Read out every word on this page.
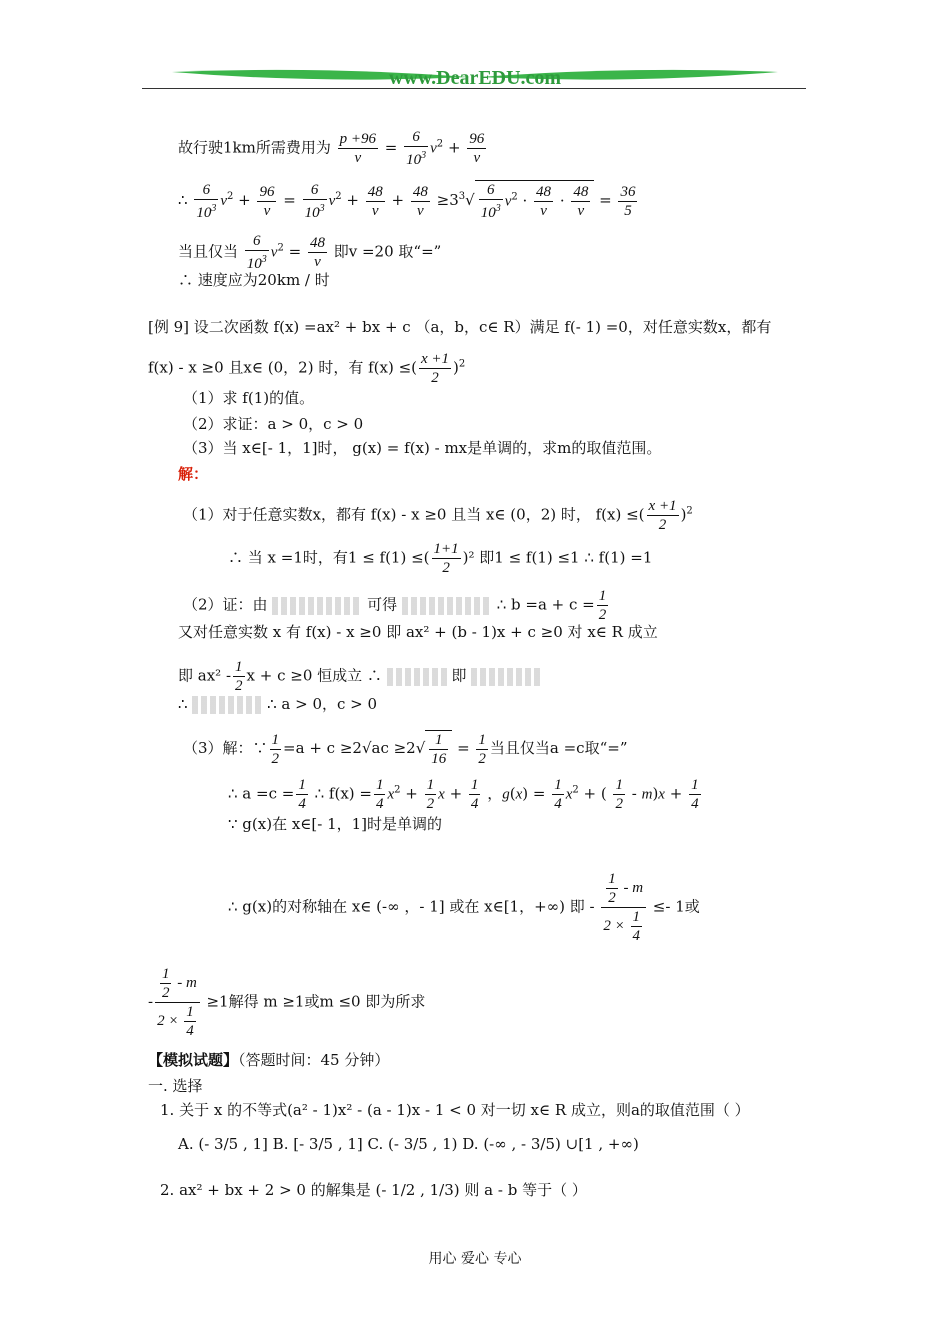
www.DearEDU.com
故行驶1km所需费用为 $\frac{p +96}{v} = \frac{6}{10^3} v^2 + \frac{96}{v}$
∴ $\frac{6}{10^3} v^2 + \frac{96}{v} = \frac{6}{10^3} v^2 + \frac{48}{v} + \frac{48}{v} \ge 3^3√ \frac{6}{10^3} v^2 \cdot \frac{48}{v} \cdot \frac{48}{v} = \frac{36}{5}$
当且仅当 $\frac{6}{10^3} v^2 = \frac{48}{v}$ 即v =20 取“=”
∴ 速度应为20km / 时
[例 9] 设二次函数 f(x) =ax² + bx + c （a，b，c∈ R）满足 f(- 1) =0，对任意实数x，都有
f(x) - x ≥0 且x∈ (0，2) 时，有 f(x) ≤( $\frac{x +1}{2} )^2$
（1）求 f(1)的值。
（2）求证：a > 0，c > 0
（3）当 x∈[- 1，1]时， g(x) = f(x) - mx是单调的，求m的取值范围。
解：
（1）对于任意实数x，都有 f(x) - x ≥0 且当 x∈ (0，2) 时， f(x) ≤( $\frac{x +1}{2} )^2$
∴ 当 x =1时，有1 ≤ f(1) ≤( $\frac{1+1}{2} )^2$ 即1 ≤ f(1) ≤1 ∴ f(1) =1
（2）证：由	可得	∴ $b =a + c = \frac{1}{2}$
又对任意实数 x 有 f(x) - x ≥0 即 ax² + (b - 1)x + c ≥0 对 x∈ R 成立
即 $ax^2 - \frac{1}{2}$ x + c ≥0 恒成立 ∴	即
∴	∴ a > 0，c > 0
（3）解：∵ $\frac{1}{2} =a + c \ge 2√ac \ge 2√ \frac{1}{16} = \frac{1}{2}$ 当且仅当a =c取“=”
∴ $a =c = \frac{1}{4}$ ∴ $f(x) = \frac{1}{4} x^2 + \frac{1}{2}$ $x + \frac{1}{4}$ ，$g(x) = \frac{1}{4} x^2$ + ( $\frac{1}{2} - m)x + \frac{1}{4}$
∵ g(x)在 x∈[- 1，1]时是单调的
∴ g(x)的对称轴在 x∈ (-∞ ，- 1] 或在 x∈[1，+∞) 即 - $\frac{\frac{1}{2} - m}{2 \times \frac{1}{4}} \le- 1$或
- $\frac{\frac{1}{2} - m}{2 \times \frac{1}{4}} \ge 1$解得 m ≥1或m ≤0 即为所求
【模拟试题】（答题时间：45 分钟）
一. 选择
1. 关于 x 的不等式(a² - 1)x² - (a - 1)x - 1 < 0 对一切 x∈ R 成立，则a的取值范围（ ）
A. (- 3/5 , 1] B. [- 3/5 , 1] C. (- 3/5 , 1) D. (-∞ , - 3/5) ∪[1 , +∞)
2. ax² + bx + 2 > 0 的解集是 (- 1/2 , 1/3) 则 a - b 等于（ ）
用心 爱心 专心
